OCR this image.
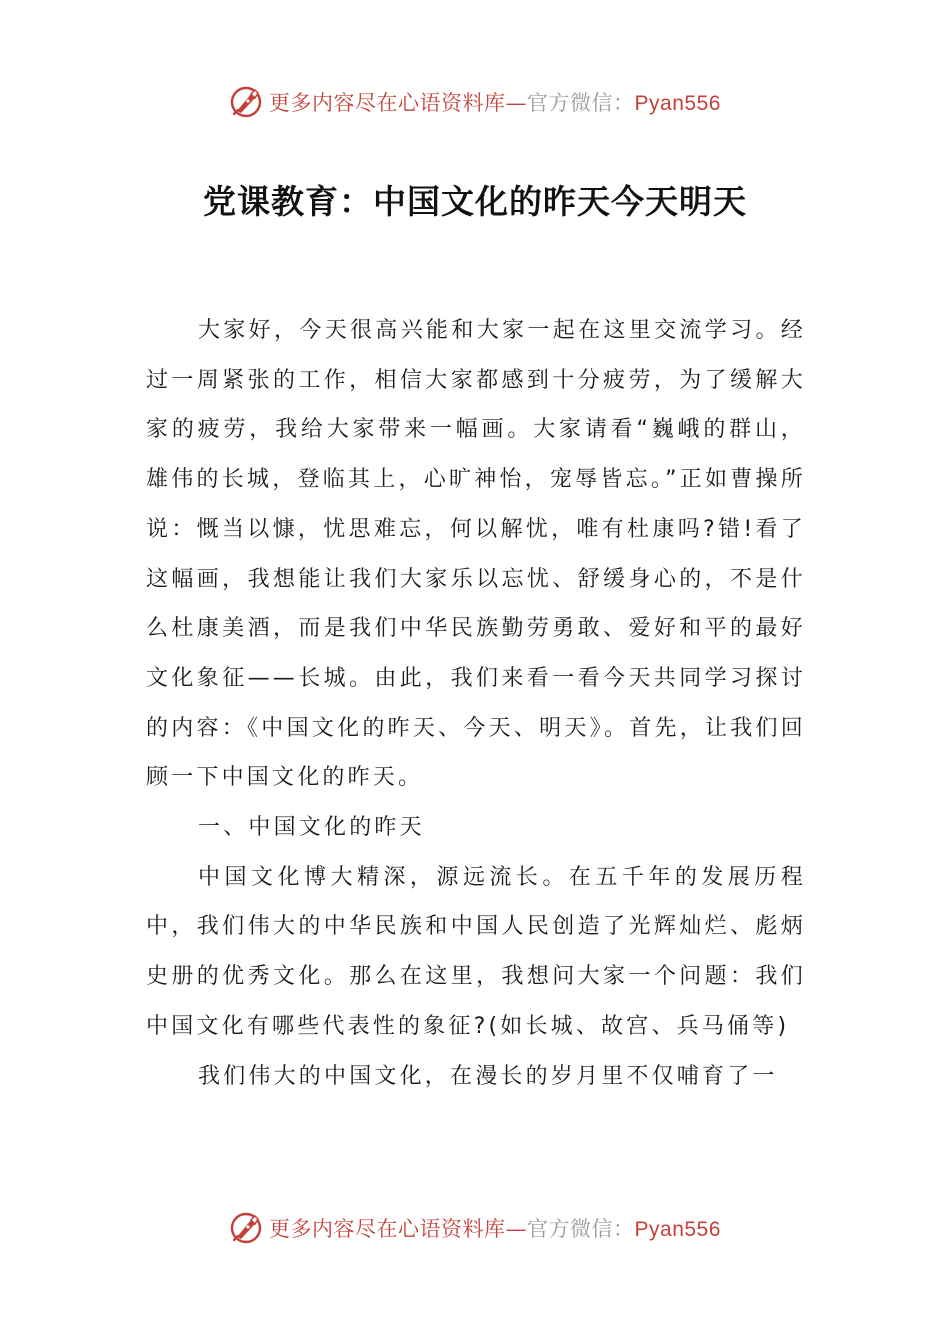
更多内容尽在心语资料库—官方微信：Pyan556
党课教育：中国文化的昨天今天明天

大家好，今天很高兴能和大家一起在这里交流学习。经过一周紧张的工作，相信大家都感到十分疲劳，为了缓解大家的疲劳，我给大家带来一幅画。大家请看“巍峨的群山，雄伟的长城，登临其上，心旷神怡，宠辱皆忘。”正如曹操所说：慨当以慷，忧思难忘，何以解忧，唯有杜康吗?错!看了这幅画，我想能让我们大家乐以忘忧、舒缓身心的，不是什么杜康美酒，而是我们中华民族勤劳勇敢、爱好和平的最好文化象征——长城。由此，我们来看一看今天共同学习探讨的内容：《中国文化的昨天、今天、明天》。首先，让我们回顾一下中国文化的昨天。

一、中国文化的昨天

中国文化博大精深，源远流长。在五千年的发展历程中，我们伟大的中华民族和中国人民创造了光辉灿烂、彪炳史册的优秀文化。那么在这里，我想问大家一个问题：我们中国文化有哪些代表性的象征?(如长城、故宫、兵马俑等)

我们伟大的中国文化，在漫长的岁月里不仅哺育了一

更多内容尽在心语资料库—官方微信：Pyan556
